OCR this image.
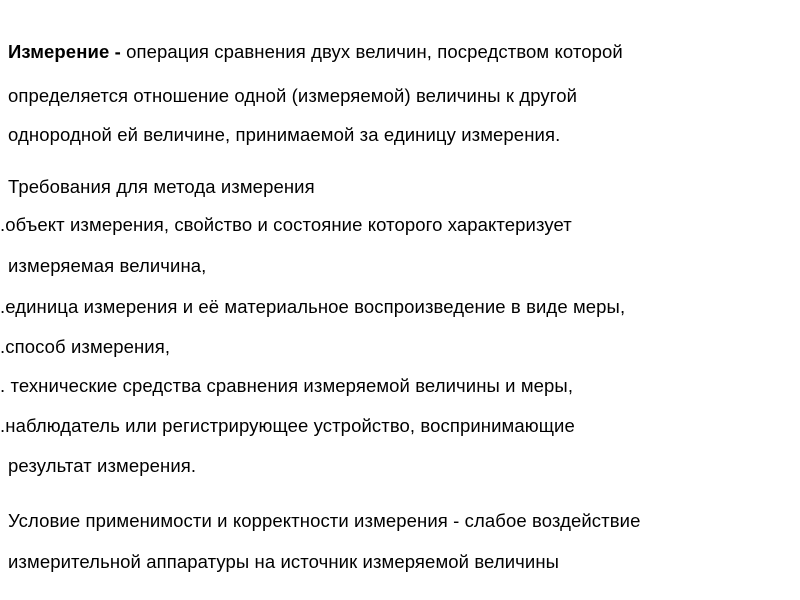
Измерение - операция сравнения двух величин, посредством которой
определяется отношение одной (измеряемой) величины к другой
однородной ей величине, принимаемой за единицу измерения.
Требования для метода измерения
.объект измерения, свойство и состояние которого характеризует
измеряемая величина,
.единица измерения и её материальное воспроизведение в виде меры,
.способ измерения,
. технические средства сравнения измеряемой величины и меры,
.наблюдатель или регистрирующее устройство, воспринимающие
результат измерения.
Условие применимости и корректности измерения - слабое воздействие
измерительной аппаратуры на источник измеряемой величины
